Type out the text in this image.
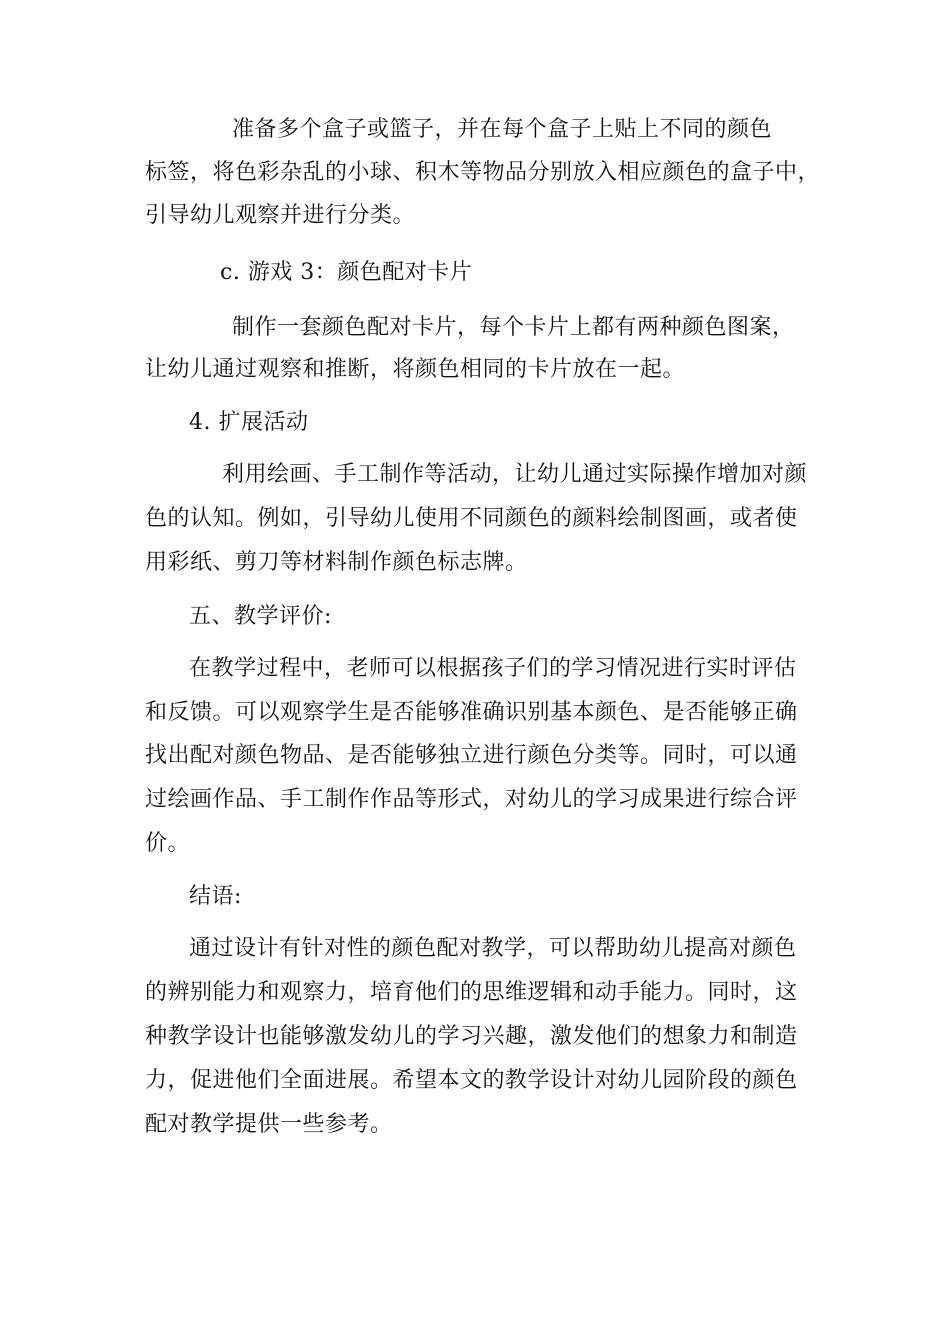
准备多个盒子或篮子，并在每个盒子上贴上不同的颜色
标签，将色彩杂乱的小球、积木等物品分别放入相应颜色的盒子中，
引导幼儿观察并进行分类。
c. 游戏 3：颜色配对卡片
制作一套颜色配对卡片，每个卡片上都有两种颜色图案，
让幼儿通过观察和推断，将颜色相同的卡片放在一起。
4. 扩展活动
利用绘画、手工制作等活动，让幼儿通过实际操作增加对颜
色的认知。例如，引导幼儿使用不同颜色的颜料绘制图画，或者使
用彩纸、剪刀等材料制作颜色标志牌。
五、教学评价:
在教学过程中，老师可以根据孩子们的学习情况进行实时评估
和反馈。可以观察学生是否能够准确识别基本颜色、是否能够正确
找出配对颜色物品、是否能够独立进行颜色分类等。同时，可以通
过绘画作品、手工制作作品等形式，对幼儿的学习成果进行综合评
价。
结语:
通过设计有针对性的颜色配对教学，可以帮助幼儿提高对颜色
的辨别能力和观察力，培育他们的思维逻辑和动手能力。同时，这
种教学设计也能够激发幼儿的学习兴趣，激发他们的想象力和制造
力，促进他们全面进展。希望本文的教学设计对幼儿园阶段的颜色
配对教学提供一些参考。
